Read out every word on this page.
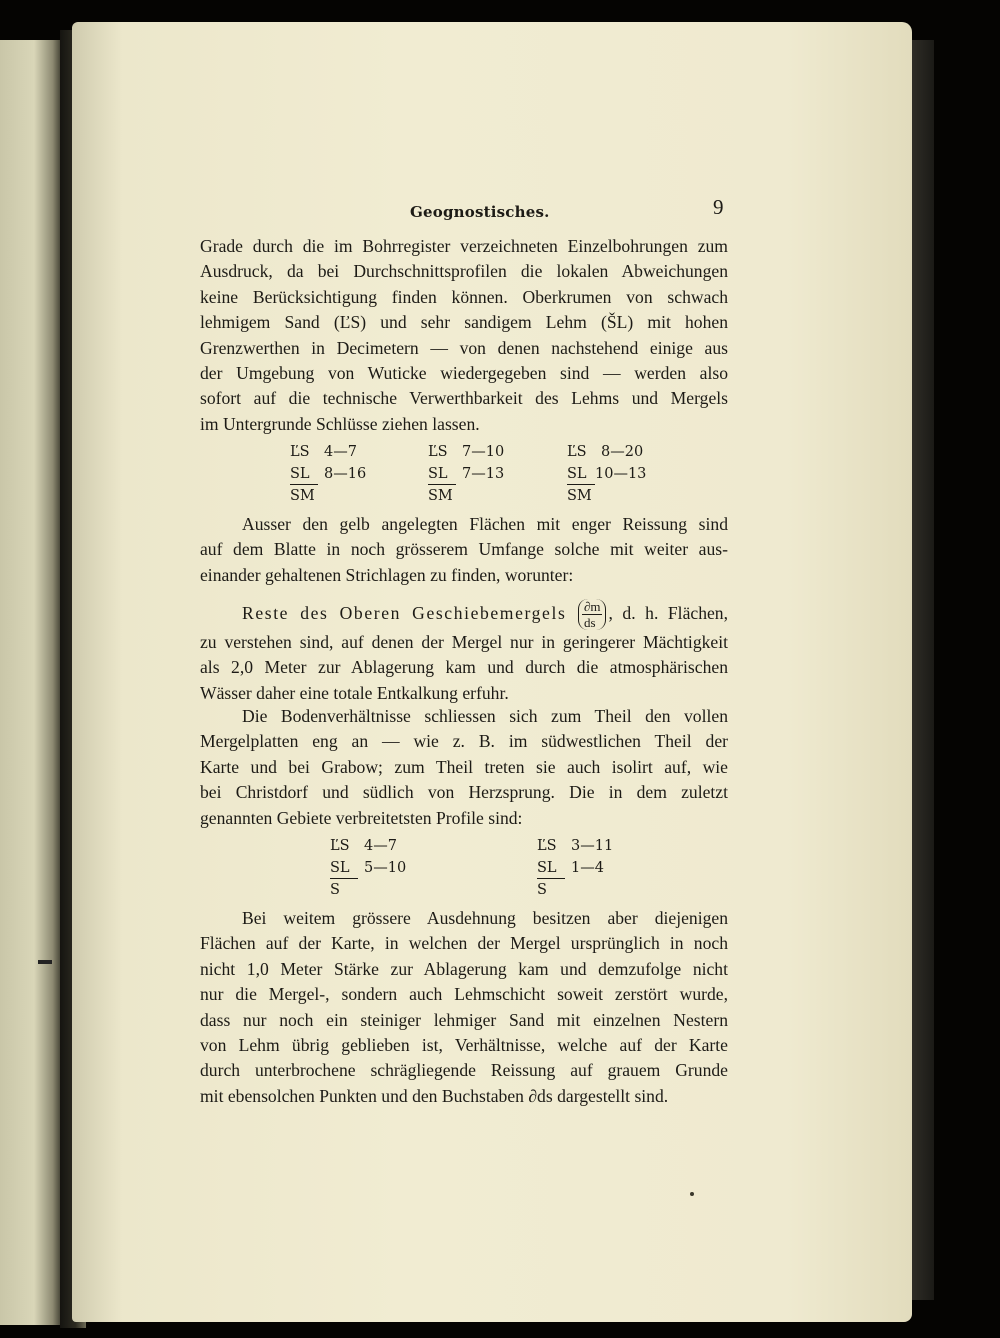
Geognostisches.	9
Grade durch die im Bohrregister verzeichneten Einzelbohrungen zum
Ausdruck, da bei Durchschnittsprofilen die lokalen Abweichungen
keine Berücksichtigung finden können. Oberkrumen von schwach
lehmigem Sand (ĽS) und sehr sandigem Lehm (ŠL) mit hohen
Grenzwerthen in Decimetern — von denen nachstehend einige aus
der Umgebung von Wuticke wiedergegeben sind — werden also
sofort auf die technische Verwerthbarkeit des Lehms und Mergels
im Untergrunde Schlüsse ziehen lassen.
ĽS 4—7
SL 8—16
SM
ĽS 7—10
SL 7—13
SM
ĽS 8—20
SL 10—13
SM
Ausser den gelb angelegten Flächen mit enger Reissung sind
auf dem Blatte in noch grösserem Umfange solche mit weiter aus-
einander gehaltenen Strichlagen zu finden, worunter:
Reste des Oberen Geschiebemergels $\frac{\partial m}{ds}$ , d. h. Flächen,
zu verstehen sind, auf denen der Mergel nur in geringerer Mächtigkeit
als 2,0 Meter zur Ablagerung kam und durch die atmosphärischen
Wässer daher eine totale Entkalkung erfuhr.
Die Bodenverhältnisse schliessen sich zum Theil den vollen
Mergelplatten eng an — wie z. B. im südwestlichen Theil der
Karte und bei Grabow; zum Theil treten sie auch isolirt auf, wie
bei Christdorf und südlich von Herzsprung. Die in dem zuletzt
genannten Gebiete verbreitetsten Profile sind:
ĽS 4—7
SL 5—10
S
ĽS 3—11
SL 1—4
S
Bei weitem grössere Ausdehnung besitzen aber diejenigen
Flächen auf der Karte, in welchen der Mergel ursprünglich in noch
nicht 1,0 Meter Stärke zur Ablagerung kam und demzufolge nicht
nur die Mergel-, sondern auch Lehmschicht soweit zerstört wurde,
dass nur noch ein steiniger lehmiger Sand mit einzelnen Nestern
von Lehm übrig geblieben ist, Verhältnisse, welche auf der Karte
durch unterbrochene schrägliegende Reissung auf grauem Grunde
mit ebensolchen Punkten und den Buchstaben ∂ds dargestellt sind.
